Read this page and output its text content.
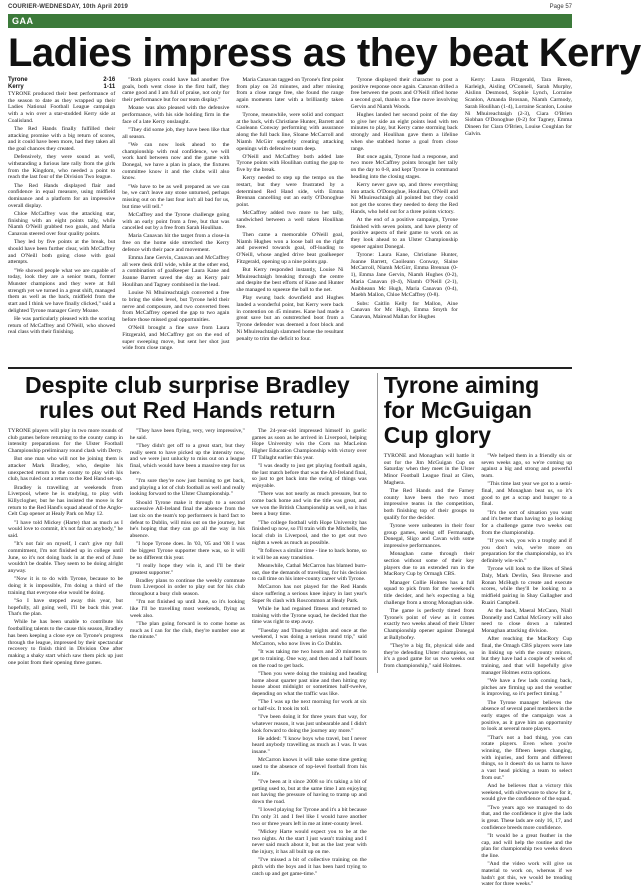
COURIER-WEDNESDAY, 10th April 2019	Page 57
GAA
Ladies impress as they beat Kerry
Tyrone	2-16
Kerry	1-11

TYRONE produced their best performance of the season to date as they wrapped up their Ladies National Football League campaign with a win over a star-studded Kerry side at Coalisland.

The Red Hands finally fulfilled their attacking promise with a big return of scores, and it could have been more, had they taken all the goal chances they created.

Defensively, they were sound as well, withstanding a furious late rally from the girls from the Kingdom, who needed a point to reach the last four of the Division Two league.

The Red Hands displayed flair and confidence in equal measure, using midfield dominance and a platform for an impressive overall display.

Chloe McCaffrey was the attacking star, finishing with an eight points tally, while Niamh O'Neill grabbed two goals, and Maria Canavan steered over four quality points.

They led by five points at the break, but should have been further clear, with McCaffrey and O'Neill both going close with goal attempts.

"We showed people what we are capable of today, look they are a senior team, former Munster champions and they were at full strength yet we turned in a great shift, managed them as well as the back, midfield from the start and I think we have finally clicked," said a delighted Tyrone manager Gerry Moane.

He was particularly pleased with the scoring return of McCaffrey and O'Neill, who showed real class with their finishing.

"Both players could have had another five goals, both went close in the first half, they came good and I am full of praise, not only for their performance but for our team display."

Moane was also pleased with the defensive performance, with his side holding firm in the face of a late Kerry onslaught.

"They did some job, they have been like that all season.

"We can now look ahead to the championship with real confidence, we will work hard between now and the game with Donegal, we have a plan in place, the fixtures committee know it and the clubs will also know.

"We have to be as well prepared as we can be, we can't leave any stone unturned, perhaps missing out on the last four isn't all bad for us, but time will tell."

McCaffrey and the Tyrone challenge going with an early point from a free, but that was cancelled out by a free from Sarah Houlihan.

Maria Canavan hit the target from a close-in free on the home side stretched the Kerry defence with their pace and movement.

Emma Jane Gervin, Canavan and McCaffrey all were desk drill wide, while at the other end, a combination of goalkeeper Laura Kane and Joanne Barrett saved the day as Kerry pair Houlihan and Tagney combined in the lead.

Louise Ni Mhuireachtaigh converted a free to bring the sides level, but Tyrone held their nerve and composure, and two converted frees from McCaffrey opened the gap to two again before those missed goal opportunities.

O'Neill brought a fine save from Laura Fitzgerald, and McCaffrey got on the end of super sweeping move, but sent her shot just wide from close range.

Maria Canavan tagged on Tyrone's first point from play on 24 minutes, and after missing from a close range free, she found the range again moments later with a brilliantly taken score.

Tyrone, meanwhile, were solid and compact at the back, with Christiane Hunter, Barrett and Caoleann Conway performing with assurance along the full back line, Sloane McCarroll and Niamh McGirr superbly creating attacking openings with defensive team deep.

O'Neill and McCaffrey both added late Tyrone points with Houlihan cutting the gap to five by the break.

Kerry needed to step up the tempo on the restart, but they were frustrated by a determined Red Hand side, with Emma Brennan cancelling out an early O'Donoghue point.

McCaffrey added two more to her tally, sandwiched between a well taken Houlihan free.

Then came a memorable O'Neill goal, Niamh Hughes won a loose ball on the right and powered towards goal, off-loading to O'Neill, whose angled drive beat goalkeeper Fitzgerald, opening up a nine points gap.

But Kerry responded instantly, Louise Ni Mhuireachtaigh breaking through the centre and despite the best efforts of Kane and Hunter she managed to squeeze the ball to the net.

Play swung back downfield and Hughes landed a wonderful point, but Kerry were back in contention on 45 minutes. Kane had made a great save but an outstretched boot from a Tyrone defender was deemed a foot block and Ni Mhuireachtaigh slammed home the resultant penalty to trim the deficit to four.

Tyrone displayed their character to post a positive response once again. Canavan drilled a free between the posts and O'Neill rifled home a second goal, thanks to a fine move involving Gervin and Niamh Woods.

Hughes landed her second point of the day to give her side an eight points lead with ten minutes to play, but Kerry came storming back strongly and Houlihan gave them a lifeline when she stabbed home a goal from close range.

But once again, Tyrone had a response, and two more McCaffrey points brought her tally on the day to 0-8, and kept Tyrone in command heading into the closing stages.

Kerry never gave up, and threw everything into attack. O'Donoghue, Houlihan, O'Neill and Ni Mhuireachtaigh all pointed but they could not get the scores they needed to deny the Red Hands, who held out for a three points victory.

At the end of a positive campaign, Tyrone finished with seven points, and have plenty of positive aspects of their game to work on as they look ahead to an Ulster Championship opener against Donegal.

Tyrone: Laura Kane, Christiane Hunter, Joanne Barrett, Caoileann Conway, Slaine McCarroll, Niamh McGirr, Emma Brennan (0-1), Emma Jane Gervin, Niamh Hughes (0-2), Maria Canavan (0-4), Niamh O'Neill (2-1), Aoibheann Mc Hugh, Maria Canavan (0-4), Maebh Mallon, Chloe McCaffrey (0-8).

Subs: Caitlin Kelly for Mallon, Aine Canavan for Mc Hugh, Emma Smyth for Canavan, Mairead Mallan for Hughes

Kerry: Laura Fitzgerald, Tara Breen, Karleigh, Aisling O'Connell, Sarah Murphy, Aislinn Desmond, Sophie Lynch, Lorraine Scanlon, Amanda Brosnan, Niamh Carmody, Sarah Houlihan (1-4), Lorraine Scanlon, Louise Ni Mhuireachtaigh (2-3), Ciara O'Brien Siobhan O'Donoghue (0-2) for Tagney, Emma Dineen for Ciara O'Brien, Louise Coughlan for Galvin.

Despite club surprise Bradley rules out Red Hands return

TYRONE players will play in two more rounds of club games before returning to the county camp in intensity preparations for the Ulster Football Championship preliminary round clash with Derry.

But one man who will not be joining them is attacker Mark Bradley, who, despite his unexpected return to the county to play with his club, has ruled out a return to the Red Hand set-up.

Bradley is travelling at weekends from Liverpool, where he is studying, to play with Killyclogher, but he has insisted the move is for return to the Red Hand's squad ahead of the Anglo-Celt Cup opener at Healy Park on May 12.

"I have told Mickey (Harte) that as much as I would love to commit, it's not fair on anybody," he said.

"It's not fair on myself, I can't give my full commitment, I'm not finished up in college until June, so it's not doing back in at the end of June wouldn't be doable. They seem to be doing alright anyway.

"Now it is to do with Tyrone, because to be doing it is impossible, I'm doing a third of the training that everyone else would be doing.

"So I have stepped away this year, but hopefully, all going well, I'll be back this year. That's the plan.

While he has been unable to contribute his footballing talents to the cause this season, Bradley has been keeping a close eye on Tyrone's progress through the league, impressed by their spectacular recovery to finish third in Division One after making a shaky start which saw them pick up just one point from their opening three games.

"They have been flying, very, very impressive," he said.

"They didn't get off to a great start, but they really seem to have picked up the intensity now, and we were just unlucky to miss out on a league final, which would have been a massive step for us here.

"I'm sure they're now just burning to get back, and playing a lot of club football as well and really looking forward to the Ulster Championship."

Should Tyrone make it through to a second successive All-Ireland final the absence from the last six on the team's top performers is hard fact to defeat to Dublin, will miss out on the journey, but he's hoping that they can go all the way in his absence.

"I hope Tyrone does. In '03, '05 and '08 I was the biggest Tyrone supporter there was, so it will be no different this year.

"I really hope they win it, and I'll be their greatest supporter."

Bradley plans to continue the weekly commute from Liverpool in order to play out for his club throughout a busy club season.

"I'm not finished up until June, so it's looking like I'll be travelling most weekends, flying as week also.

"The plan going forward is to come home as much as I can for the club, they're number one at the minute."

The 24-year-old impressed himself in gaelic games as soon as he arrived in Liverpool, helping Hope University win the Corn na MacLeinn Higher Education Championship with victory over IT Tallaght earlier this year.

"I was deadly to just get playing football again, the last match before that was the All-Ireland final, so just to get back into the swing of things was enjoyable.

"There was not nearly as much pressure, but to come back home and win the title was great, and we won the British Championship as well, so it has been a busy time.

"The college football with Hope University has finished up now, so I'll train with the Mitchells, the local club in Liverpool, and the to get out two nights a week as much as possible.

"It follows a similar time - line to back home, so it will be an easy transition.

Meanwhile, Cathal McCarron has blamed burn-out, due the demands of travelling, for his decision to call time on his inter-county career with Tyrone.

McCarron has not played for the Red Hands since suffering a serious knee injury in last year's Super 8s clash with Roscommon at Healy Park.

While he had regained fitness and returned to training with the Tyrone squad, he decided that the time was right to step away.

"Tuesday and Thursday nights and once at the weekend, I was doing a serious round trip," said McCarron, who now lives in Co Dublin.

"It was taking me two hours and 20 minutes to get to training. One way, and then and a half hours on the road to get back.

"Then you were doing the training and heading home about quarter past nine and then hitting my house about midnight or sometimes half-twelve, depending on what the traffic was like.

"The I was up the next morning for work at six or half-six. It took its toll.

"I've been doing it for three years that way, for whatever reason, it was just unbearable and I didn't look forward to doing the journey any more."

He added: "I know boys who travel, but I never heard anybody travelling as much as I was. It was insane."

McCarron knows it will take some time getting used to the absence of top-level football from his life.

"I've been at it since 2008 so it's taking a bit of getting used to, but at the same time I am enjoying not having the pressure of having to tramp up and down the road.

"I loved playing for Tyrone and it's a bit because I'm only 31 and I feel like I would have another two or three years left in me at inter-county level.

"Mickey Harte would expect you to be at the two nights. At the start I just wasn't training and I never said much about it, but as the last year with the injury, it has all built up on me.

"I've missed a bit of collective training on the pitch with the boys and it has been hard trying to catch up and get game-time."

Tyrone aiming for McGuigan Cup glory

TYRONE and Monaghan will battle it out for the Jim McGuigan Cup on Saturday when they meet in the Ulster Minor Football League final at Glen, Maghera.

The Red Hands and the Farney county have been the two most impressive teams in the competition, both finishing top of their groups to qualify for the decider.

Tyrone were unbeaten in their four group games, seeing off Fermanagh, Donegal, Sligo and Cavan with some impressive performances.

Monaghan came through their section without some of their key players due to an extended run in the MacRory Cup by Ormagh CBS.

Manager Collie Holmes has a full squad to pick from for the weekend's title decider, and he's expecting a big challenge from a strong Monaghan side.

The game is perfectly timed from Tyrone's point of view as it comes exactly two weeks ahead of their Ulster Championship opener against Donegal at Ballybofey.

"They're a big fit, physical side and they're defending Ulster champions, so it's a good game for us two weeks out from championship," said Holmes.

"We helped them in a friendly six or seven weeks ago, so we're coming up against a big and strong and powerful team.

"This time last year we got to a semi-final, and Monaghan beat us, so it's good to get a scrap and hunger to a final.

"It's the sort of situation you want and it's better than having to go looking for a challenge game two weeks out from the championship.

"If you win, you win a trophy and if you don't win, we're more on preparation for the championship, so it's definitely win-win."

Tyrone will look to the likes of Sheá Daly, Mark Devlin, Sea Browne and Ronan McHugh to create and execute scores, while they'll be looking to a midfield pairing in Shay Gallagher and Ruairi Campbell.

At the back, Maeral McCann, Niall Donnelly and Cathal McGrory will also need to close down a talented Monaghan attacking division.

After reaching the MacRory Cup final, the Omagh CBS players were late in linking up with the county minors, but they have had a couple of weeks of training, and that will hopefully give manager Holmes extra options.

"We have a few lads coming back, pitches are firming up and the weather is improving, so it's perfect timing."

The Tyrone manager believes the absence of several panel members in the early stages of the campaign was a positive, as it gave him an opportunity to look at several more players.

"That's not a bad thing, you can rotate players. Even when you're winning, the fifteen keeps changing, with injuries, and form and different things, so it doesn't do us harm to have a vast head picking a team to select from out."

And he believes that a victory this weekend, with silverware to show for it, would give the confidence of the squad.

"Two years ago we managed to do that, and the confidence it give the lads is great. These lads are only 16, 17, and confidence breeds more confidence.

"It would be a great feather in the cap, and will help the routine and the plan for championship two weeks down the line.

"And the video work will give us material to work on, whereas if we hadn't got this, we would be treading water for three weeks."
